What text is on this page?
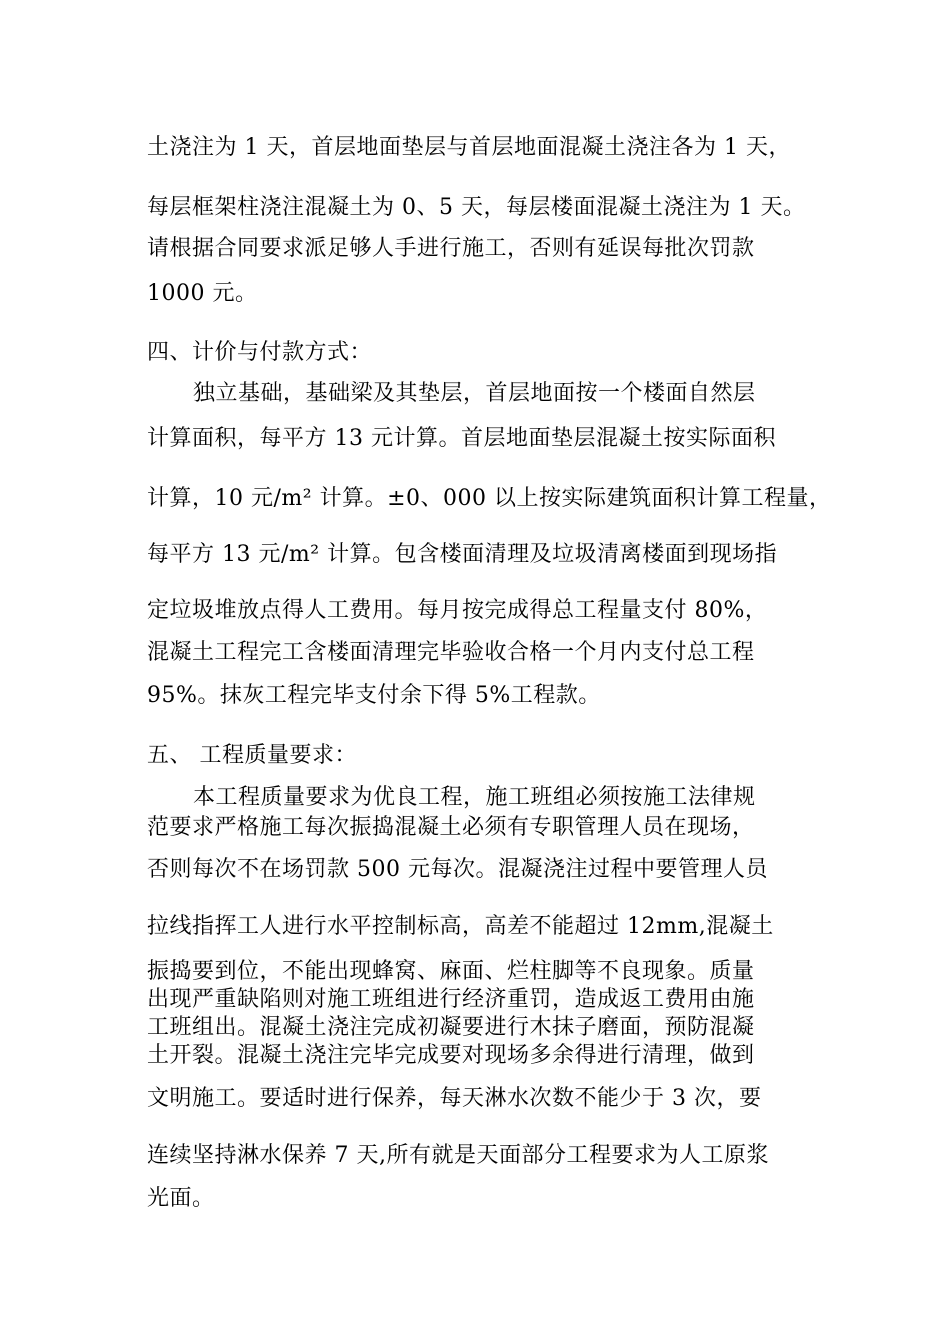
土浇注为 1 天，首层地面垫层与首层地面混凝土浇注各为 1 天，
每层框架柱浇注混凝土为 0、5 天，每层楼面混凝土浇注为 1 天。
请根据合同要求派足够人手进行施工，否则有延误每批次罚款
1000 元。
四、计价与付款方式：
独立基础，基础梁及其垫层，首层地面按一个楼面自然层
计算面积，每平方 13 元计算。首层地面垫层混凝土按实际面积
计算，10 元/m² 计算。±0、000 以上按实际建筑面积计算工程量，
每平方 13 元/m² 计算。包含楼面清理及垃圾清离楼面到现场指
定垃圾堆放点得人工费用。每月按完成得总工程量支付 80%，
混凝土工程完工含楼面清理完毕验收合格一个月内支付总工程
95%。抹灰工程完毕支付余下得 5%工程款。
五、 工程质量要求：
本工程质量要求为优良工程，施工班组必须按施工法律规
范要求严格施工每次振捣混凝土必须有专职管理人员在现场，
否则每次不在场罚款 500 元每次。混凝浇注过程中要管理人员
拉线指挥工人进行水平控制标高，高差不能超过 12mm,混凝土
振捣要到位，不能出现蜂窝、麻面、烂柱脚等不良现象。质量
出现严重缺陷则对施工班组进行经济重罚，造成返工费用由施
工班组出。混凝土浇注完成初凝要进行木抹子磨面，预防混凝
土开裂。混凝土浇注完毕完成要对现场多余得进行清理，做到
文明施工。要适时进行保养，每天淋水次数不能少于 3 次，要
连续坚持淋水保养 7 天,所有就是天面部分工程要求为人工原浆
光面。
